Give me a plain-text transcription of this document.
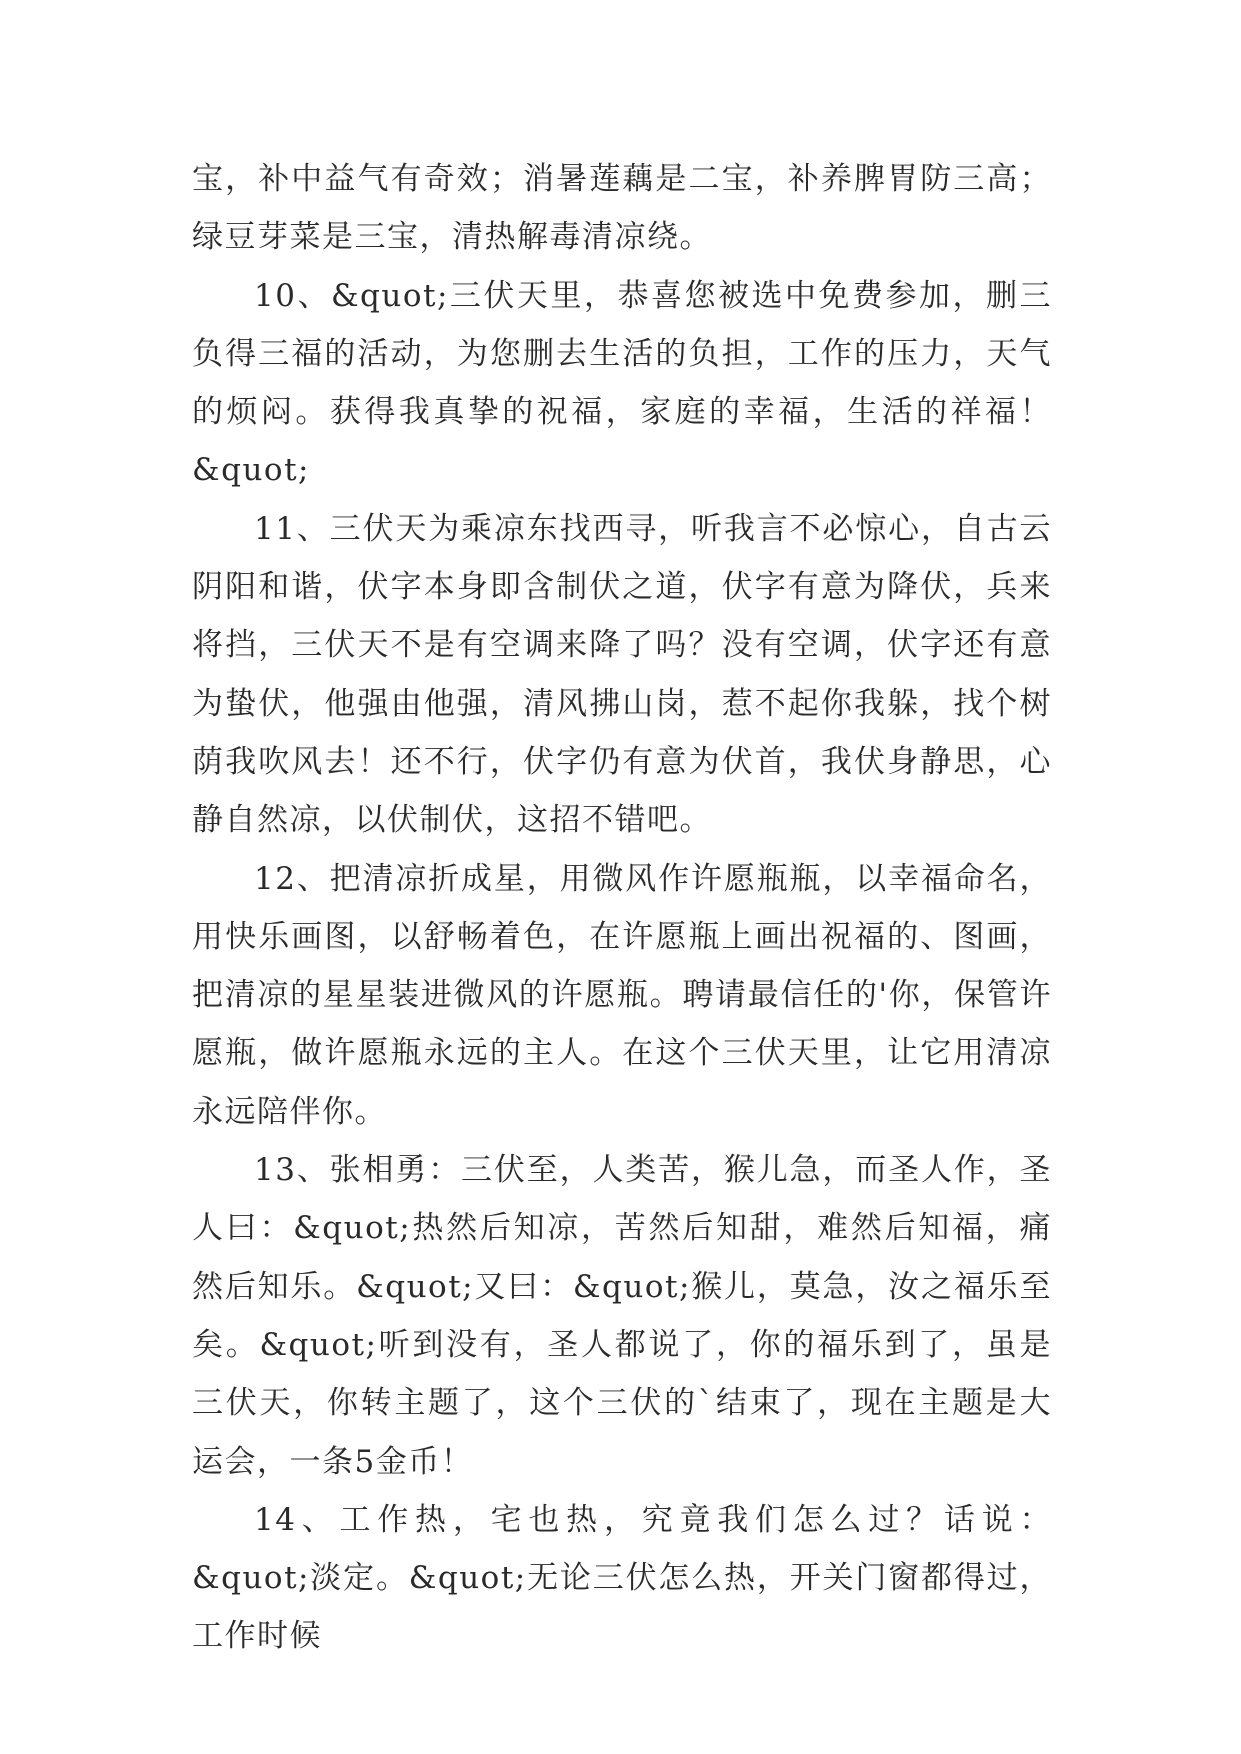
宝，补中益气有奇效；消暑莲藕是二宝，补养脾胃防三高；绿豆芽菜是三宝，清热解毒清凉绕。

10、&quot;三伏天里，恭喜您被选中免费参加，删三负得三福的活动，为您删去生活的负担，工作的压力，天气的烦闷。获得我真挚的祝福，家庭的幸福，生活的祥福！&quot;

11、三伏天为乘凉东找西寻，听我言不必惊心，自古云阴阳和谐，伏字本身即含制伏之道，伏字有意为降伏，兵来将挡，三伏天不是有空调来降了吗？没有空调，伏字还有意为蛰伏，他强由他强，清风拂山岗，惹不起你我躲，找个树荫我吹风去！还不行，伏字仍有意为伏首，我伏身静思，心静自然凉，以伏制伏，这招不错吧。

12、把清凉折成星，用微风作许愿瓶瓶，以幸福命名，用快乐画图，以舒畅着色，在许愿瓶上画出祝福的、图画，把清凉的星星装进微风的许愿瓶。聘请最信任的'你，保管许愿瓶，做许愿瓶永远的主人。在这个三伏天里，让它用清凉永远陪伴你。

13、张相勇：三伏至，人类苦，猴儿急，而圣人作，圣人曰：&quot;热然后知凉，苦然后知甜，难然后知福，痛然后知乐。&quot;又曰：&quot;猴儿，莫急，汝之福乐至矣。&quot;听到没有，圣人都说了，你的福乐到了，虽是三伏天，你转主题了，这个三伏的`结束了，现在主题是大运会，一条5金币！

14、工作热，宅也热，究竟我们怎么过？话说：&quot;淡定。&quot;无论三伏怎么热，开关门窗都得过，工作时候
